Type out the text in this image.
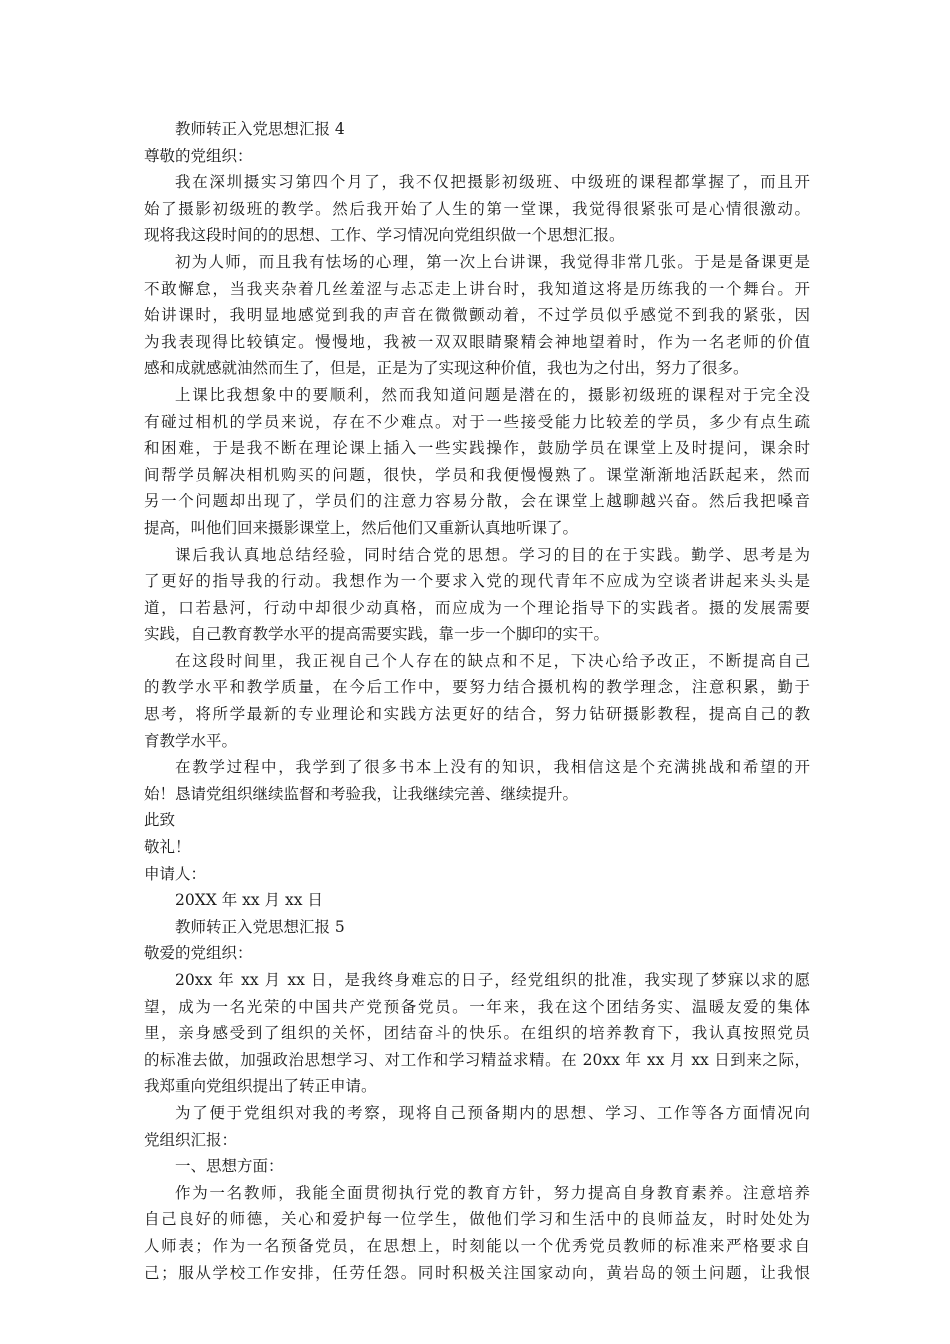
教师转正入党思想汇报 4
尊敬的党组织：
我在深圳摄实习第四个月了，我不仅把摄影初级班、中级班的课程都掌握了，而且开
始了摄影初级班的教学。然后我开始了人生的第一堂课，我觉得很紧张可是心情很激动。
现将我这段时间的的思想、工作、学习情况向党组织做一个思想汇报。
初为人师，而且我有怯场的心理，第一次上台讲课，我觉得非常几张。于是是备课更是
不敢懈怠，当我夹杂着几丝羞涩与忐忑走上讲台时，我知道这将是历练我的一个舞台。开
始讲课时，我明显地感觉到我的声音在微微颤动着，不过学员似乎感觉不到我的紧张，因
为我表现得比较镇定。慢慢地，我被一双双眼睛聚精会神地望着时，作为一名老师的价值
感和成就感就油然而生了，但是，正是为了实现这种价值，我也为之付出，努力了很多。
上课比我想象中的要顺利，然而我知道问题是潜在的，摄影初级班的课程对于完全没
有碰过相机的学员来说，存在不少难点。对于一些接受能力比较差的学员，多少有点生疏
和困难，于是我不断在理论课上插入一些实践操作，鼓励学员在课堂上及时提问，课余时
间帮学员解决相机购买的问题，很快，学员和我便慢慢熟了。课堂渐渐地活跃起来，然而
另一个问题却出现了，学员们的注意力容易分散，会在课堂上越聊越兴奋。然后我把嗓音
提高，叫他们回来摄影课堂上，然后他们又重新认真地听课了。
课后我认真地总结经验，同时结合党的思想。学习的目的在于实践。勤学、思考是为
了更好的指导我的行动。我想作为一个要求入党的现代青年不应成为空谈者讲起来头头是
道，口若悬河，行动中却很少动真格，而应成为一个理论指导下的实践者。摄的发展需要
实践，自己教育教学水平的提高需要实践，靠一步一个脚印的实干。
在这段时间里，我正视自己个人存在的缺点和不足，下决心给予改正，不断提高自己
的教学水平和教学质量，在今后工作中，要努力结合摄机构的教学理念，注意积累，勤于
思考，将所学最新的专业理论和实践方法更好的结合，努力钻研摄影教程，提高自己的教
育教学水平。
在教学过程中，我学到了很多书本上没有的知识，我相信这是个充满挑战和希望的开
始！恳请党组织继续监督和考验我，让我继续完善、继续提升。
此致
敬礼！
申请人：
20XX 年 xx 月 xx 日
教师转正入党思想汇报 5
敬爱的党组织：
20xx 年 xx 月 xx 日，是我终身难忘的日子，经党组织的批准，我实现了梦寐以求的愿
望，成为一名光荣的中国共产党预备党员。一年来，我在这个团结务实、温暖友爱的集体
里，亲身感受到了组织的关怀，团结奋斗的快乐。在组织的培养教育下，我认真按照党员
的标准去做，加强政治思想学习、对工作和学习精益求精。在 20xx 年 xx 月 xx 日到来之际，
我郑重向党组织提出了转正申请。
为了便于党组织对我的考察，现将自己预备期内的思想、学习、工作等各方面情况向
党组织汇报：
一、思想方面：
作为一名教师，我能全面贯彻执行党的教育方针，努力提高自身教育素养。注意培养
自己良好的师德，关心和爱护每一位学生，做他们学习和生活中的良师益友，时时处处为
人师表；作为一名预备党员，在思想上，时刻能以一个优秀党员教师的标准来严格要求自
己；服从学校工作安排，任劳任怨。同时积极关注国家动向，黄岩岛的领土问题，让我恨
